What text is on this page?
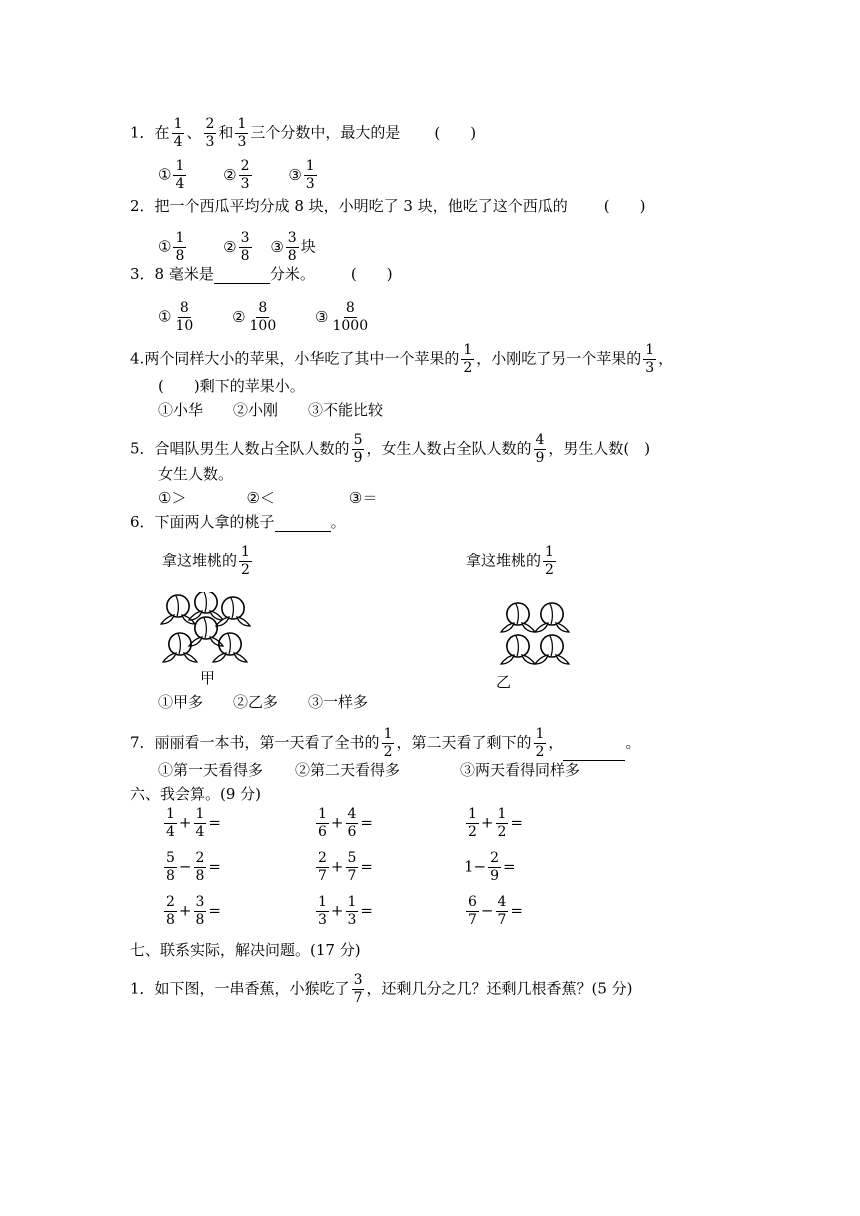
1．在 $\frac{1}{4}$ 、 $\frac{2}{3}$ 和 $\frac{1}{3}$ 三个分数中，最大的是 (　　)
① $\frac{1}{4}$ ② $\frac{2}{3}$ ③ $\frac{1}{3}$
2．把一个西瓜平均分成 8 块，小明吃了 3 块，他吃了这个西瓜的 (　　)
① $\frac{1}{8}$ ② $\frac{3}{8}$ ③ $\frac{3}{8}$ 块
3．8 毫米是	分米。 (　　)
① $\frac{8}{10}$ ② $\frac{8}{100}$ ③ $\frac{8}{1000}$
4.两个同样大小的苹果，小华吃了其中一个苹果的 $\frac{1}{2}$ ，小刚吃了另一个苹果的 $\frac{1}{3}$ ，
(　　)剩下的苹果小。
①小华　　②小刚　　③不能比较
5．合唱队男生人数占全队人数的 $\frac{5}{9}$ ，女生人数占全队人数的 $\frac{4}{9}$ ，男生人数(　)
女生人数。
①＞	②＜	③＝
6．下面两人拿的桃子	。
拿这堆桃的 $\frac{1}{2}$	拿这堆桃的 $\frac{1}{2}$
甲	乙
①甲多 ②乙多 ③一样多
7．丽丽看一本书，第一天看了全书的 $\frac{1}{2}$ ，第二天看了剩下的 $\frac{1}{2}$ ，	。
①第一天看得多 ②第二天看得多	③两天看得同样多
六、我会算。(9 分)
$\frac{1}{4} + \frac{1}{4}$ =	$\frac{1}{6} + \frac{4}{6}$ =	$\frac{1}{2} + \frac{1}{2}$ =
$\frac{5}{8} - \frac{2}{8}$ =	$\frac{2}{7} + \frac{5}{7}$ =	$1- \frac{2}{9}$ =
$\frac{2}{8} + \frac{3}{8}$ =	$\frac{1}{3} + \frac{1}{3}$ =	$\frac{6}{7} - \frac{4}{7}$ =
七、联系实际，解决问题。(17 分)
1．如下图，一串香蕉，小猴吃了 $\frac{3}{7}$ ，还剩几分之几？还剩几根香蕉？(5 分)
